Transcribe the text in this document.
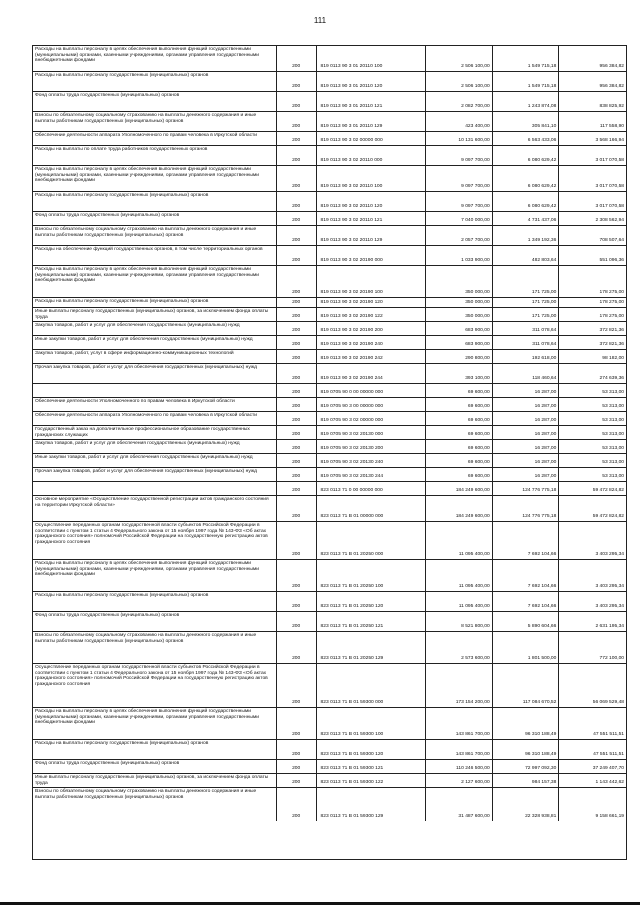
111
Расходы на выплаты персоналу в целях обеспечения выполнения функций государственными (муниципальными) органами, казенными учреждениями, органами управления государственными внебюджетными фондами
200	819 0113 90 3 01 20110 100	2 506 100,00	1 549 715,18	956 384,82
Расходы на выплаты персоналу государственных (муниципальных) органов
200	819 0113 90 3 01 20110 120	2 506 100,00	1 549 715,18	956 384,82
Фонд оплаты труда государственных (муниципальных) органов
200	819 0113 90 3 01 20110 121	2 082 700,00	1 243 874,08	838 825,92
Взносы по обязательному социальному страхованию на выплаты денежного содержания и иные выплаты работникам государственных (муниципальных) органов
200	819 0113 90 3 01 20110 129	423 400,00	305 841,10	117 558,90
Обеспечение деятельности аппарата Уполномоченного по правам человека в Иркутской области
200	819 0113 90 3 02 00000 000	10 131 600,00	6 563 433,06	3 568 166,94
Расходы на выплаты по оплате труда работников государственных органов
200	819 0113 90 3 02 20110 000	9 097 700,00	6 080 629,42	3 017 070,58
Расходы на выплаты персоналу в целях обеспечения выполнения функций государственными (муниципальными) органами, казенными учреждениями, органами управления государственными внебюджетными фондами
200	819 0113 90 3 02 20110 100	9 097 700,00	6 080 629,42	3 017 070,58
Расходы на выплаты персоналу государственных (муниципальных) органов
200	819 0113 90 3 02 20110 120	9 097 700,00	6 080 629,42	3 017 070,58
Фонд оплаты труда государственных (муниципальных) органов
200	819 0113 90 3 02 20110 121	7 040 000,00	4 731 437,06	2 308 562,94
Взносы по обязательному социальному страхованию на выплаты денежного содержания и иные выплаты работникам государственных (муниципальных) органов
200	819 0113 90 3 02 20110 129	2 057 700,00	1 349 192,36	708 507,64
Расходы на обеспечение функций государственных органов, в том числе территориальных органов
200	819 0113 90 3 02 20190 000	1 033 900,00	482 803,64	551 096,36
Расходы на выплаты персоналу в целях обеспечения выполнения функций государственными (муниципальными) органами, казенными учреждениями, органами управления государственными внебюджетными фондами
200	819 0113 90 3 02 20190 100	350 000,00	171 725,00	178 275,00
Расходы на выплаты персоналу государственных (муниципальных) органов	200	819 0113 90 3 02 20190 120	350 000,00	171 725,00	178 275,00
Иные выплаты персоналу государственных (муниципальных) органов, за исключением фонда оплаты труда	200	819 0113 90 3 02 20190 122	350 000,00	171 725,00	178 275,00
Закупка товаров, работ и услуг для обеспечения государственных (муниципальных) нужд
200	819 0113 90 3 02 20190 200	683 900,00	311 078,64	372 821,36
Иные закупки товаров, работ и услуг для обеспечения государственных (муниципальных) нужд
200	819 0113 90 3 02 20190 240	683 900,00	311 078,64	372 821,36
Закупка товаров, работ, услуг в сфере информационно-коммуникационных технологий
200	819 0113 90 3 02 20190 242	290 800,00	192 618,00	98 182,00
Прочая закупка товаров, работ и услуг для обеспечения государственных (муниципальных) нужд
200	819 0113 90 3 02 20190 244	393 100,00	118 460,64	274 639,36
200	819 0705 90 0 00 00000 000	69 600,00	16 287,00	53 313,00
Обеспечение деятельности Уполномоченного по правам человека в Иркутской области
200	819 0705 90 3 00 00000 000	69 600,00	16 287,00	53 313,00
Обеспечение деятельности аппарата Уполномоченного по правам человека в Иркутской области
200	819 0705 90 3 02 00000 000	69 600,00	16 287,00	53 313,00
Государственный заказ на дополнительное профессиональное образование государственных гражданских служащих	200	819 0705 90 3 02 20130 000	69 600,00	16 287,00	53 313,00
Закупка товаров, работ и услуг для обеспечения государственных (муниципальных) нужд
200	819 0705 90 3 02 20130 200	69 600,00	16 287,00	53 313,00
Иные закупки товаров, работ и услуг для обеспечения государственных (муниципальных) нужд
200	819 0705 90 3 02 20130 240	69 600,00	16 287,00	53 313,00
Прочая закупка товаров, работ и услуг для обеспечения государственных (муниципальных) нужд
200	819 0705 90 3 02 20130 244	69 600,00	16 287,00	53 313,00
200	823 0113 71 0 00 00000 000	184 249 600,00	124 776 775,18	59 472 824,82
Основное мероприятие «Осуществление государственной регистрации актов гражданского состояния на территории Иркутской области»
200	823 0113 71 В 01 00000 000	184 249 600,00	124 776 775,18	59 472 824,82
Осуществление переданных органам государственной власти субъектов Российской Федерации в соответствии с пунктом 1 статьи 4 Федерального закона от 15 ноября 1997 года № 143-ФЗ «Об актах гражданского состояния» полномочий Российской Федерации на государственную регистрацию актов гражданского состояния
200	823 0113 71 В 01 20250 000	11 095 400,00	7 692 104,66	3 403 295,34
Расходы на выплаты персоналу в целях обеспечения выполнения функций государственными (муниципальными) органами, казенными учреждениями, органами управления государственными внебюджетными фондами
200	823 0113 71 В 01 20250 100	11 095 400,00	7 692 104,66	3 403 295,34
Расходы на выплаты персоналу государственных (муниципальных) органов
200	823 0113 71 В 01 20250 120	11 095 400,00	7 692 104,66	3 403 295,34
Фонд оплаты труда государственных (муниципальных) органов
200	823 0113 71 В 01 20250 121	8 521 800,00	5 890 604,66	2 631 195,34
Взносы по обязательному социальному страхованию на выплаты денежного содержания и иные выплаты работникам государственных (муниципальных) органов
200	823 0113 71 В 01 20250 129	2 573 600,00	1 801 500,00	772 100,00
Осуществление переданных органам государственной власти субъектов Российской Федерации в соответствии с пунктом 1 статьи 4 Федерального закона от 15 ноября 1997 года № 143-ФЗ «Об актах гражданского состояния» полномочий Российской Федерации на государственную регистрацию актов гражданского состояния
200	823 0113 71 В 01 59300 000	173 154 200,00	117 084 670,52	56 069 529,48
Расходы на выплаты персоналу в целях обеспечения выполнения функций государственными (муниципальными) органами, казенными учреждениями, органами управления государственными внебюджетными фондами
200	823 0113 71 В 01 59300 100	143 861 700,00	96 310 188,49	47 551 511,51
Расходы на выплаты персоналу государственных (муниципальных) органов
200	823 0113 71 В 01 59300 120	143 861 700,00	96 310 188,49	47 551 511,51
Фонд оплаты труда государственных (муниципальных) органов
200	823 0113 71 В 01 59300 121	110 246 500,00	72 997 092,30	37 249 407,70
Иные выплаты персоналу государственных (муниципальных) органов, за исключением фонда оплаты труда	200	823 0113 71 В 01 59300 122	2 127 600,00	984 157,38	1 143 442,62
Взносы по обязательному социальному страхованию на выплаты денежного содержания и иные выплаты работникам государственных (муниципальных) органов
200	823 0113 71 В 01 59300 129	31 487 600,00	22 328 938,81	9 158 661,19
